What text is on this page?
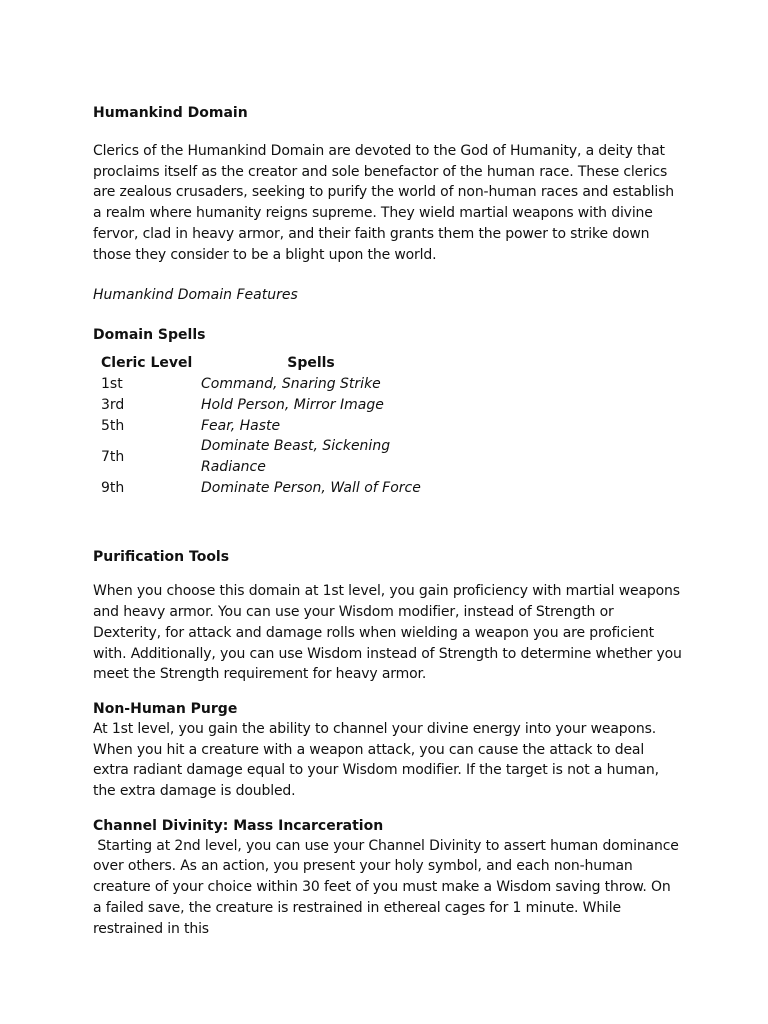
Humankind Domain

Clerics of the Humankind Domain are devoted to the God of Humanity, a deity that proclaims itself as the creator and sole benefactor of the human race. These clerics are zealous crusaders, seeking to purify the world of non-human races and establish a realm where humanity reigns supreme. They wield martial weapons with divine fervor, clad in heavy armor, and their faith grants them the power to strike down those they consider to be a blight upon the world.

Humankind Domain Features
Domain Spells
Cleric Level	Spells
1st	Command, Snaring Strike
3rd	Hold Person, Mirror Image
5th	Fear, Haste
7th	Dominate Beast, Sickening Radiance
9th	Dominate Person, Wall of Force
Purification Tools

When you choose this domain at 1st level, you gain proficiency with martial weapons and heavy armor. You can use your Wisdom modifier, instead of Strength or Dexterity, for attack and damage rolls when wielding a weapon you are proficient with. Additionally, you can use Wisdom instead of Strength to determine whether you meet the Strength requirement for heavy armor.

Non-Human Purge

At 1st level, you gain the ability to channel your divine energy into your weapons. When you hit a creature with a weapon attack, you can cause the attack to deal extra radiant damage equal to your Wisdom modifier. If the target is not a human, the extra damage is doubled.

Channel Divinity: Mass Incarceration

Starting at 2nd level, you can use your Channel Divinity to assert human dominance over others. As an action, you present your holy symbol, and each non-human creature of your choice within 30 feet of you must make a Wisdom saving throw. On a failed save, the creature is restrained in ethereal cages for 1 minute. While restrained in this
